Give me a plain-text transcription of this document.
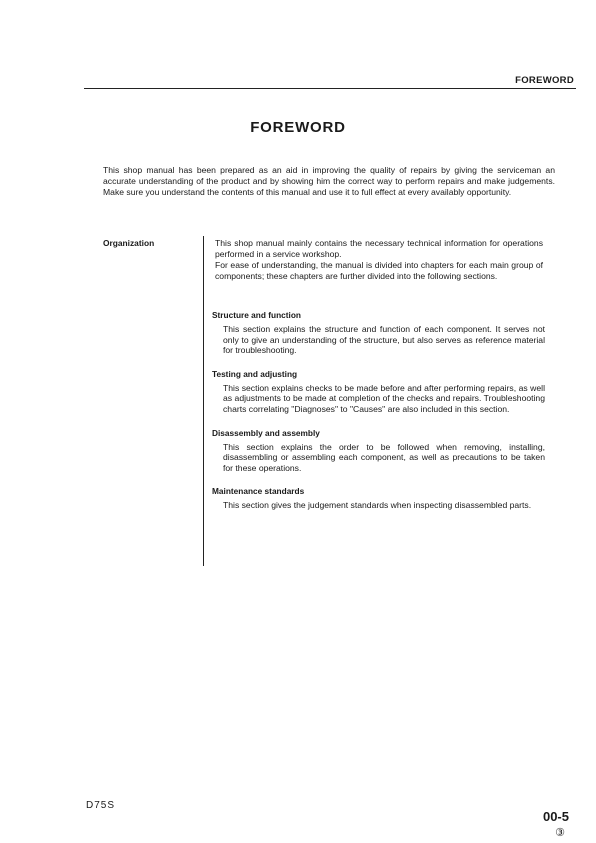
FOREWORD
FOREWORD
This shop manual has been prepared as an aid in improving the quality of repairs by giving the serviceman an accurate understanding of the product and by showing him the correct way to perform repairs and make judgements. Make sure you understand the contents of this manual and use it to full effect at every availably opportunity.
Organization	This shop manual mainly contains the necessary technical information for operations performed in a service workshop.

For ease of understanding, the manual is divided into chapters for each main group of components; these chapters are further divided into the following sections.

Structure and function

This section explains the structure and function of each component. It serves not only to give an understanding of the structure, but also serves as reference material for troubleshooting.

Testing and adjusting

This section explains checks to be made before and after performing repairs, as well as adjustments to be made at completion of the checks and repairs. Troubleshooting charts correlating "Diagnoses" to "Causes" are also included in this section.

Disassembly and assembly

This section explains the order to be followed when removing, installing, disassembling or assembling each component, as well as precautions to be taken for these operations.

Maintenance standards

This section gives the judgement standards when inspecting disassembled parts.

D75S
00-5
③
